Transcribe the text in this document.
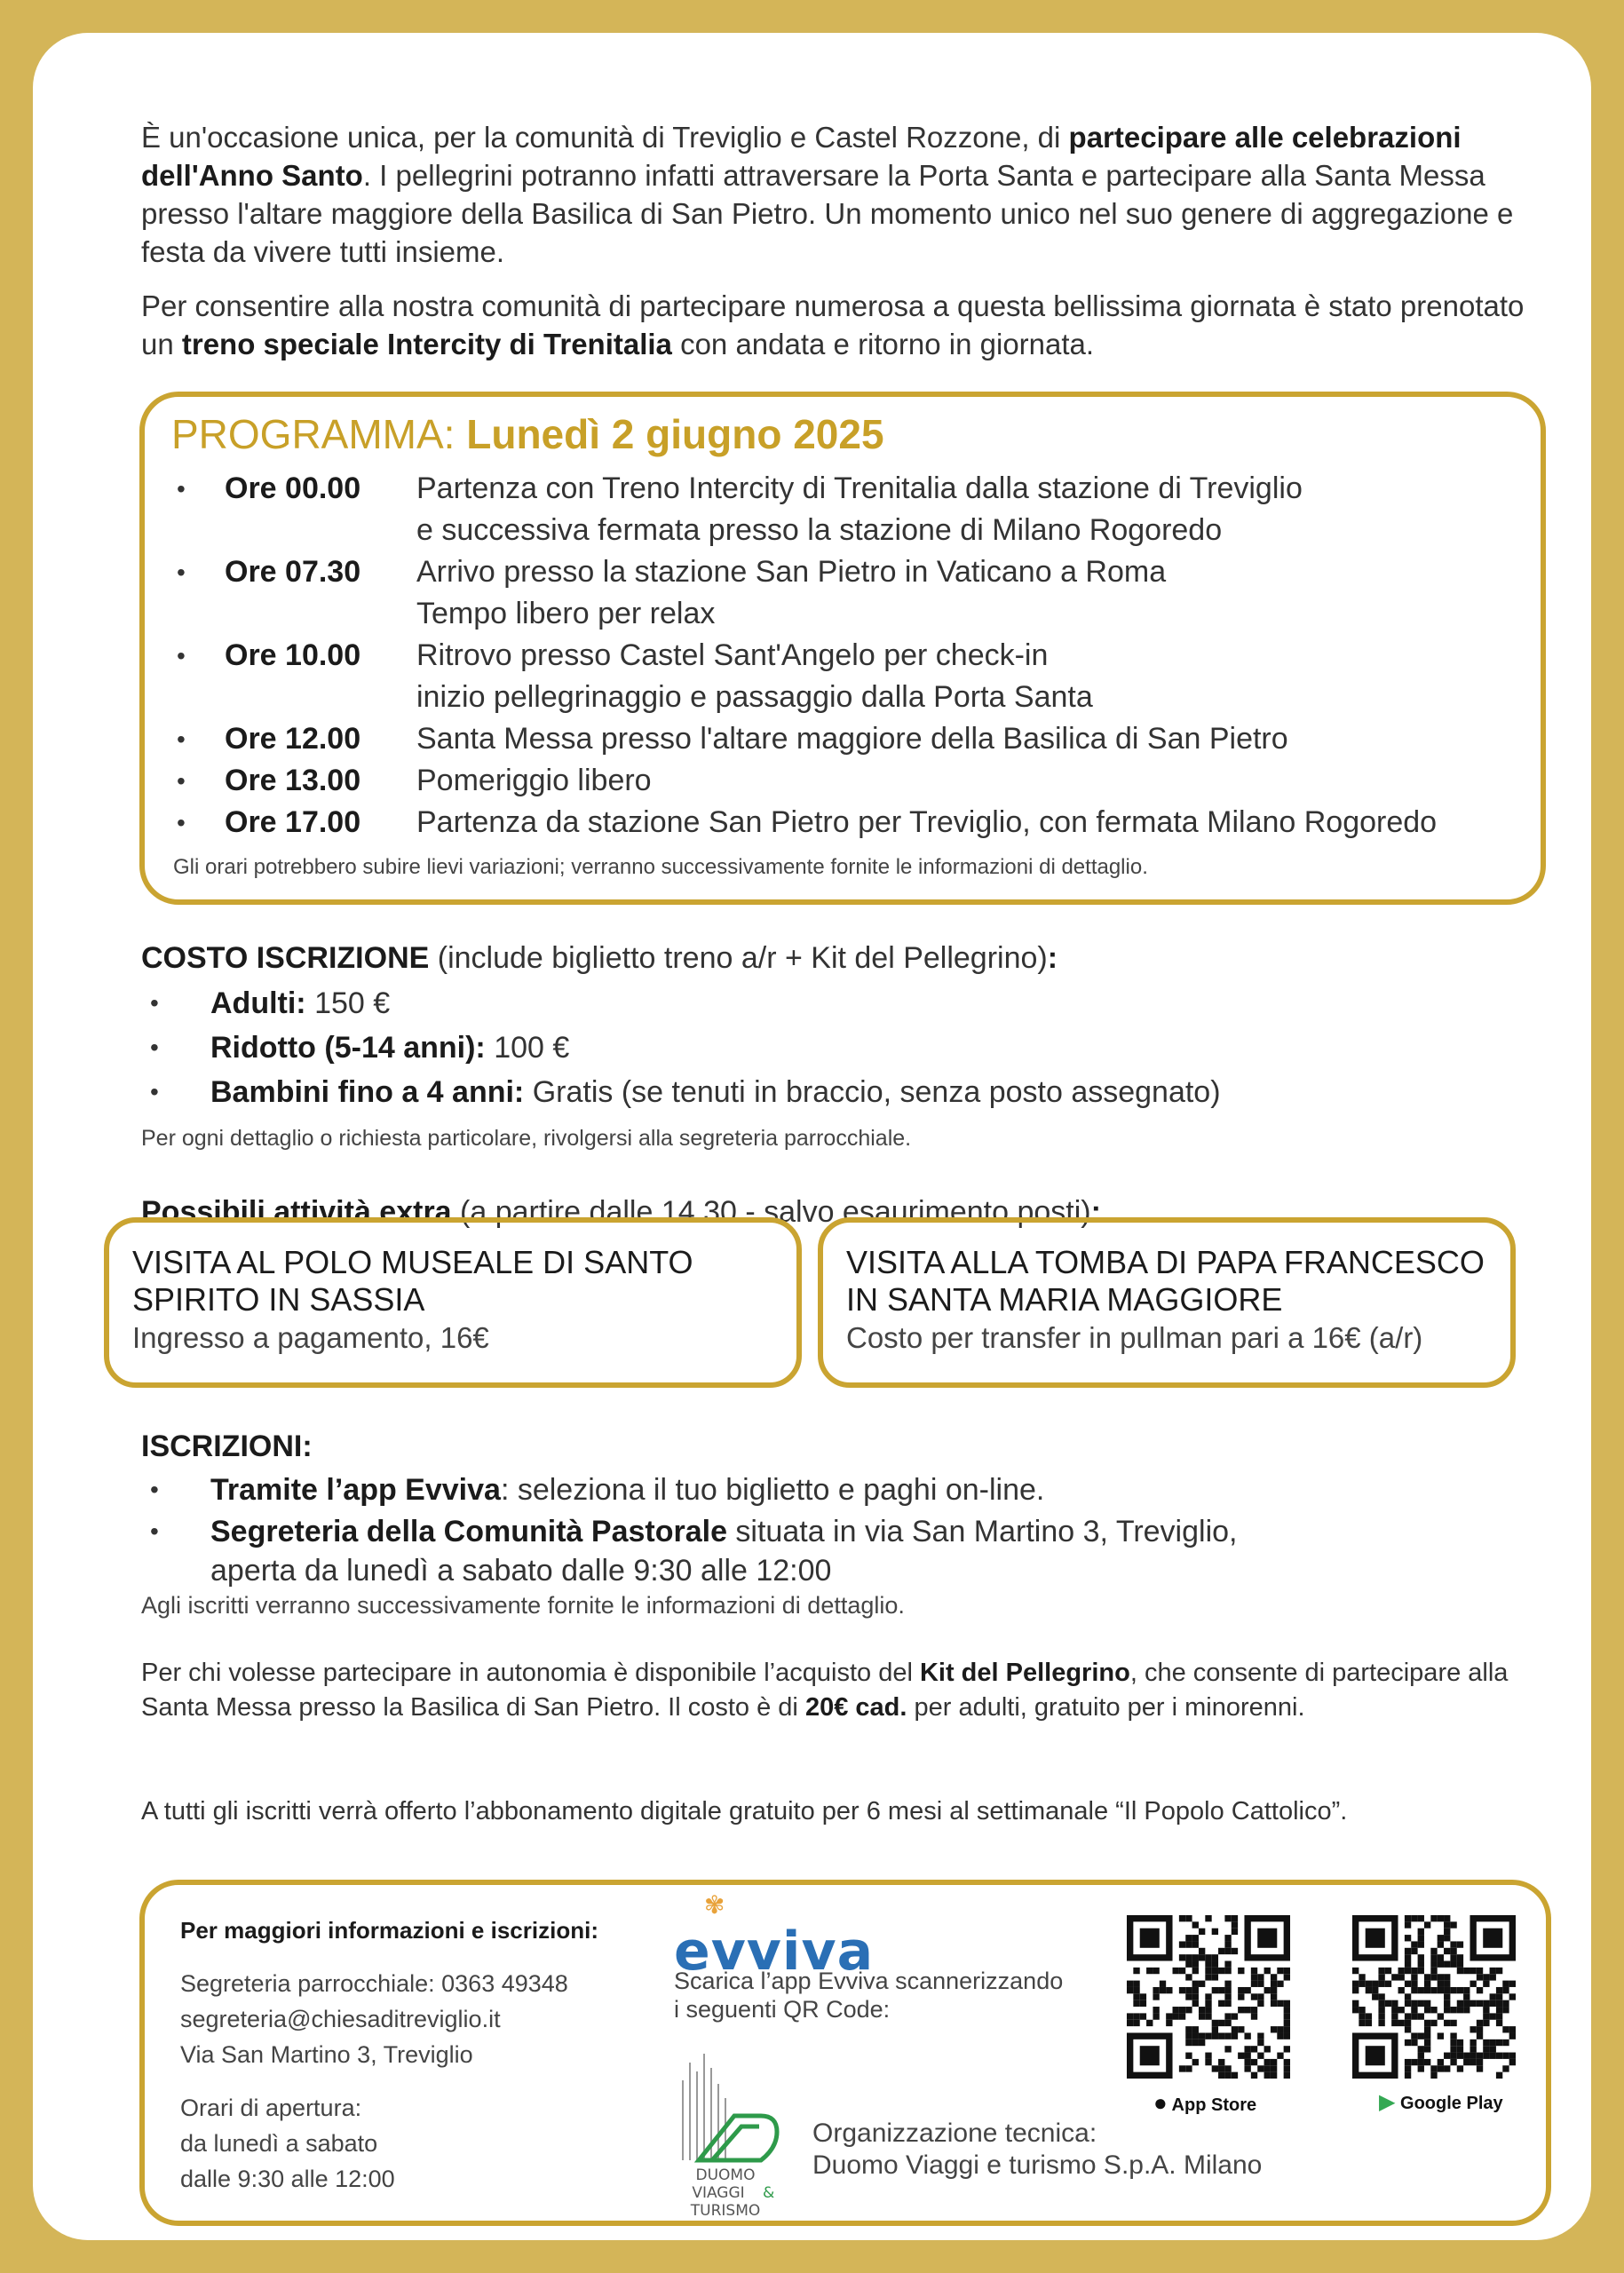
È un'occasione unica, per la comunità di Treviglio e Castel Rozzone, di partecipare alle celebrazioni dell'Anno Santo. I pellegrini potranno infatti attraversare la Porta Santa e partecipare alla Santa Messa presso l'altare maggiore della Basilica di San Pietro. Un momento unico nel suo genere di aggregazione e festa da vivere tutti insieme.

Per consentire alla nostra comunità di partecipare numerosa a questa bellissima giornata è stato prenotato un treno speciale Intercity di Trenitalia con andata e ritorno in giornata.

PROGRAMMA: Lunedì 2 giugno 2025
• Ore 00.00 Partenza con Treno Intercity di Trenitalia dalla stazione di Treviglio
e successiva fermata presso la stazione di Milano Rogoredo
• Ore 07.30 Arrivo presso la stazione San Pietro in Vaticano a Roma
Tempo libero per relax
• Ore 10.00 Ritrovo presso Castel Sant'Angelo per check-in
inizio pellegrinaggio e passaggio dalla Porta Santa
• Ore 12.00 Santa Messa presso l'altare maggiore della Basilica di San Pietro
• Ore 13.00 Pomeriggio libero
• Ore 17.00 Partenza da stazione San Pietro per Treviglio, con fermata Milano Rogoredo
Gli orari potrebbero subire lievi variazioni; verranno successivamente fornite le informazioni di dettaglio.
COSTO ISCRIZIONE (include biglietto treno a/r + Kit del Pellegrino):
• Adulti: 150 €
• Ridotto (5-14 anni): 100 €
• Bambini fino a 4 anni: Gratis (se tenuti in braccio, senza posto assegnato)
Per ogni dettaglio o richiesta particolare, rivolgersi alla segreteria parrocchiale.
Possibili attività extra (a partire dalle 14.30 - salvo esaurimento posti):
VISITA AL POLO MUSEALE DI SANTO SPIRITO IN SASSIA
Ingresso a pagamento, 16€
VISITA ALLA TOMBA DI PAPA FRANCESCO IN SANTA MARIA MAGGIORE
Costo per transfer in pullman pari a 16€ (a/r)
ISCRIZIONI:
• Tramite l’app Evviva: seleziona il tuo biglietto e paghi on-line.
• Segreteria della Comunità Pastorale situata in via San Martino 3, Treviglio,
aperta da lunedì a sabato dalle 9:30 alle 12:00
Agli iscritti verranno successivamente fornite le informazioni di dettaglio.
Per chi volesse partecipare in autonomia è disponibile l’acquisto del Kit del Pellegrino, che consente di partecipare alla Santa Messa presso la Basilica di San Pietro. Il costo è di 20€ cad. per adulti, gratuito per i minorenni.
A tutti gli iscritti verrà offerto l’abbonamento digitale gratuito per 6 mesi al settimanale “Il Popolo Cattolico”.
Per maggiori informazioni e iscrizioni:
Segreteria parrocchiale: 0363 49348
segreteria@chiesaditreviglio.it
Via San Martino 3, Treviglio
Orari di apertura:
da lunedì a sabato
dalle 9:30 alle 12:00
✾
evviva
Scarica l’app Evviva scannerizzando
i seguenti QR Code:
DUOMO
VIAGGI &
TURISMO
Organizzazione tecnica:
Duomo Viaggi e turismo S.p.A. Milano
● App Store	▶ Google Play
